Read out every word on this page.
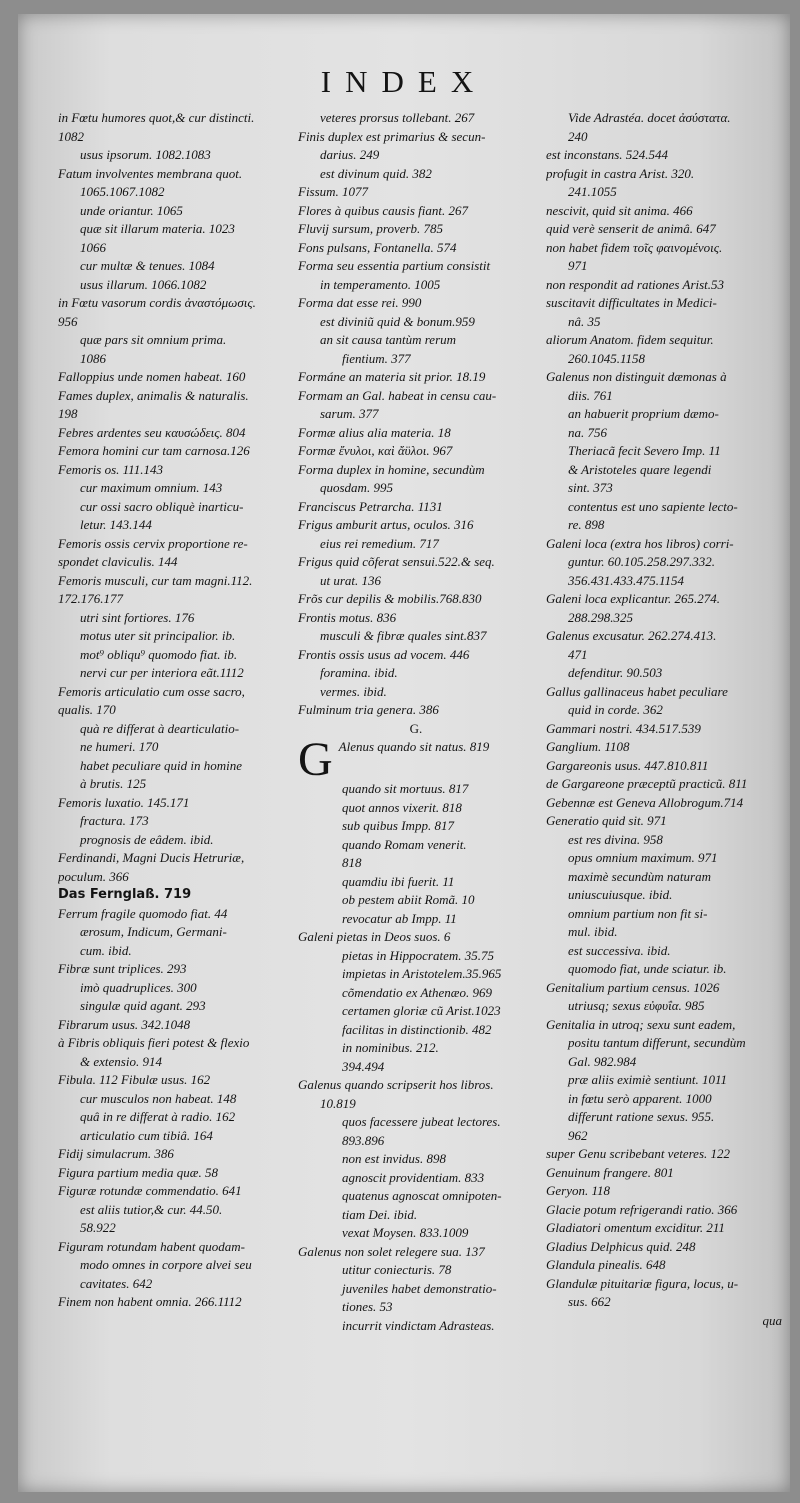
INDEX
in Fœtu humores quot,& cur distincti.
1082
usus ipsorum. 1082.1083
Fatum involventes membrana quot.
1065.1067.1082
unde oriantur. 1065
quæ sit illarum materia. 1023
1066
cur multæ & tenues. 1084
usus illarum. 1066.1082
in Fœtu vasorum cordis ἀναστόμωσις.
956
quæ pars sit omnium prima.
1086
Falloppius unde nomen habeat. 160
Fames duplex, animalis & naturalis.
198
Febres ardentes seu καυσώδεις. 804
Femora homini cur tam carnosa.126
Femoris os. 111.143
cur maximum omnium. 143
cur ossi sacro obliquè inarticu-
letur. 143.144
Femoris ossis cervix proportione re-
spondet claviculis. 144
Femoris musculi, cur tam magni.112.
172.176.177
utri sint fortiores. 176
motus uter sit principalior. ib.
mot⁹ obliqu⁹ quomodo fiat. ib.
nervi cur per interiora eãt.1112
Femoris articulatio cum osse sacro,
qualis. 170
quà re differat à dearticulatio-
ne humeri. 170
habet peculiare quid in homine
à brutis. 125
Femoris luxatio. 145.171
fractura. 173
prognosis de eâdem. ibid.
Ferdinandi, Magni Ducis Hetruriæ,
poculum. 366
Das Fernglaß. 719
Ferrum fragile quomodo fiat. 44
ærosum, Indicum, Germani-
cum. ibid.
Fibræ sunt triplices. 293
imò quadruplices. 300
singulæ quid agant. 293
Fibrarum usus. 342.1048
à Fibris obliquis fieri potest & flexio
& extensio. 914
Fibula. 112 Fibulæ usus. 162
cur musculos non habeat. 148
quâ in re differat à radio. 162
articulatio cum tibiâ. 164
Fidij simulacrum. 386
Figura partium media quæ. 58
Figuræ rotundæ commendatio. 641
est aliis tutior,& cur. 44.50.
58.922
Figuram rotundam habent quodam-
modo omnes in corpore alvei seu
cavitates. 642
Finem non habent omnia. 266.1112
veteres prorsus tollebant. 267
Finis duplex est primarius & secun-
darius. 249
est divinum quid. 382
Fissum. 1077
Flores à quibus causis fiant. 267
Fluvij sursum, proverb. 785
Fons pulsans, Fontanella. 574
Forma seu essentia partium consistit
in temperamento. 1005
Forma dat esse rei. 990
est diviniũ quid & bonum.959
an sit causa tantùm rerum
fientium. 377
Formáne an materia sit prior. 18.19
Formam an Gal. habeat in censu cau-
sarum. 377
Formæ alius alia materia. 18
Formæ ἔνυλοι, καὶ ἄϋλοι. 967
Forma duplex in homine, secundùm
quosdam. 995
Franciscus Petrarcha. 1131
Frigus amburit artus, oculos. 316
eius rei remedium. 717
Frigus quid cõferat sensui.522.& seq.
ut urat. 136
Frõs cur depilis & mobilis.768.830
Frontis motus. 836
musculi & fibræ quales sint.837
Frontis ossis usus ad vocem. 446
foramina. ibid.
vermes. ibid.
Fulminum tria genera. 386
G.
G Alenus quando sit natus. 819
quando sit mortuus. 817
quot annos vixerit. 818
sub quibus Impp. 817
quando Romam venerit.
818
quamdiu ibi fuerit. 11
ob pestem abiit Romã. 10
revocatur ab Impp. 11
Galeni pietas in Deos suos. 6
pietas in Hippocratem. 35.75
impietas in Aristotelem.35.965
cõmendatio ex Athenæo. 969
certamen gloriæ cũ Arist.1023
facilitas in distinctionib. 482
in nominibus. 212.
394.494
Galenus quando scripserit hos libros.
10.819
quos facessere jubeat lectores.
893.896
non est invidus. 898
agnoscit providentiam. 833
quatenus agnoscat omnipoten-
tiam Dei. ibid.
vexat Moysen. 833.1009
Galenus non solet relegere sua. 137
utitur coniecturis. 78
juveniles habet demonstratio-
tiones. 53
incurrit vindictam Adrasteas.
Vide Adrastéa. docet ἀσύστατα.
240
est inconstans. 524.544
profugit in castra Arist. 320.
241.1055
nescivit, quid sit anima. 466
quid verè senserit de animâ. 647
non habet fidem τοῖς φαινομένοις.
971
non respondit ad rationes Arist.53
suscitavit difficultates in Medici-
nâ. 35
aliorum Anatom. fidem sequitur.
260.1045.1158
Galenus non distinguit dæmonas à
diis. 761
an habuerit proprium dæmo-
na. 756
Theriacã fecit Severo Imp. 11
& Aristoteles quare legendi
sint. 373
contentus est uno sapiente lecto-
re. 898
Galeni loca (extra hos libros) corri-
guntur. 60.105.258.297.332.
356.431.433.475.1154
Galeni loca explicantur. 265.274.
288.298.325
Galenus excusatur. 262.274.413.
471
defenditur. 90.503
Gallus gallinaceus habet peculiare
quid in corde. 362
Gammari nostri. 434.517.539
Ganglium. 1108
Gargareonis usus. 447.810.811
de Gargareone præceptũ practicũ. 811
Gebennæ est Geneva Allobrogum.714
Generatio quid sit. 971
est res divina. 958
opus omnium maximum. 971
maximè secundùm naturam
uniuscuiusque. ibid.
omnium partium non fit si-
mul. ibid.
est successiva. ibid.
quomodo fiat, unde sciatur. ib.
Genitalium partium census. 1026
utriusq; sexus εὐφυΐα. 985
Genitalia in utroq; sexu sunt eadem,
positu tantum differunt, secundùm
Gal. 982.984
præ aliis eximiè sentiunt. 1011
in fœtu serò apparent. 1000
differunt ratione sexus. 955.
962
super Genu scribebant veteres. 122
Genuinum frangere. 801
Geryon. 118
Glacie potum refrigerandi ratio. 366
Gladiatori omentum exciditur. 211
Gladius Delphicus quid. 248
Glandula pinealis. 648
Glandulæ pituitariæ figura, locus, u-
sus. 662
qua
